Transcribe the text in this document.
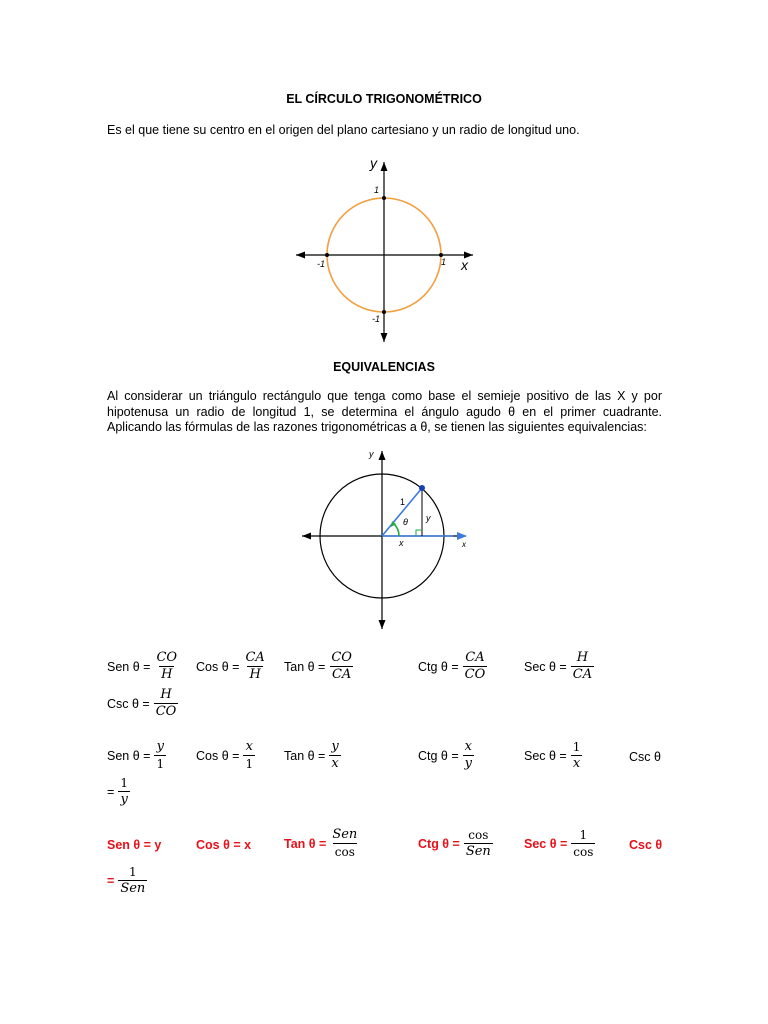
EL CÍRCULO TRIGONOMÉTRICO
Es el que tiene su centro en el origen del plano cartesiano y un radio de longitud uno.
y
x
1
-1
1
-1
EQUIVALENCIAS
Al considerar un triángulo rectángulo que tenga como base el semieje positivo de las X y por hipotenusa un radio de longitud 1, se determina el ángulo agudo θ en el primer cuadrante. Aplicando las fórmulas de las razones trigonométricas a θ, se tienen las siguientes equivalencias:
y
x
1
y
x
θ
Sen $\theta = \frac{CO}{H}$ Cos $\theta = \frac{CA}{H}$ Tan $\theta = \frac{CO}{CA}$	Ctg $\theta = \frac{CA}{CO}$	Sec $\theta = \frac{H}{CA}$
Csc $\theta = \frac{H}{CO}$
Sen $\theta = \frac{y}{1}$ Cos $\theta = \frac{x}{1}$ Tan $\theta = \frac{y}{x}$	Ctg $\theta = \frac{x}{y}$	Sec $\theta = \frac{1}{x}$	Csc θ
= $\frac{1}{y}$
Sen θ = y	Cos θ = x	Tan $\theta = \frac{\text{Sen}}{\cos}$	Ctg $\theta = \frac{\cos}{\text{Sen}}$ Sec $\theta = \frac{1}{\cos}$	Csc θ
= $\frac{1}{\text{Sen}}$
